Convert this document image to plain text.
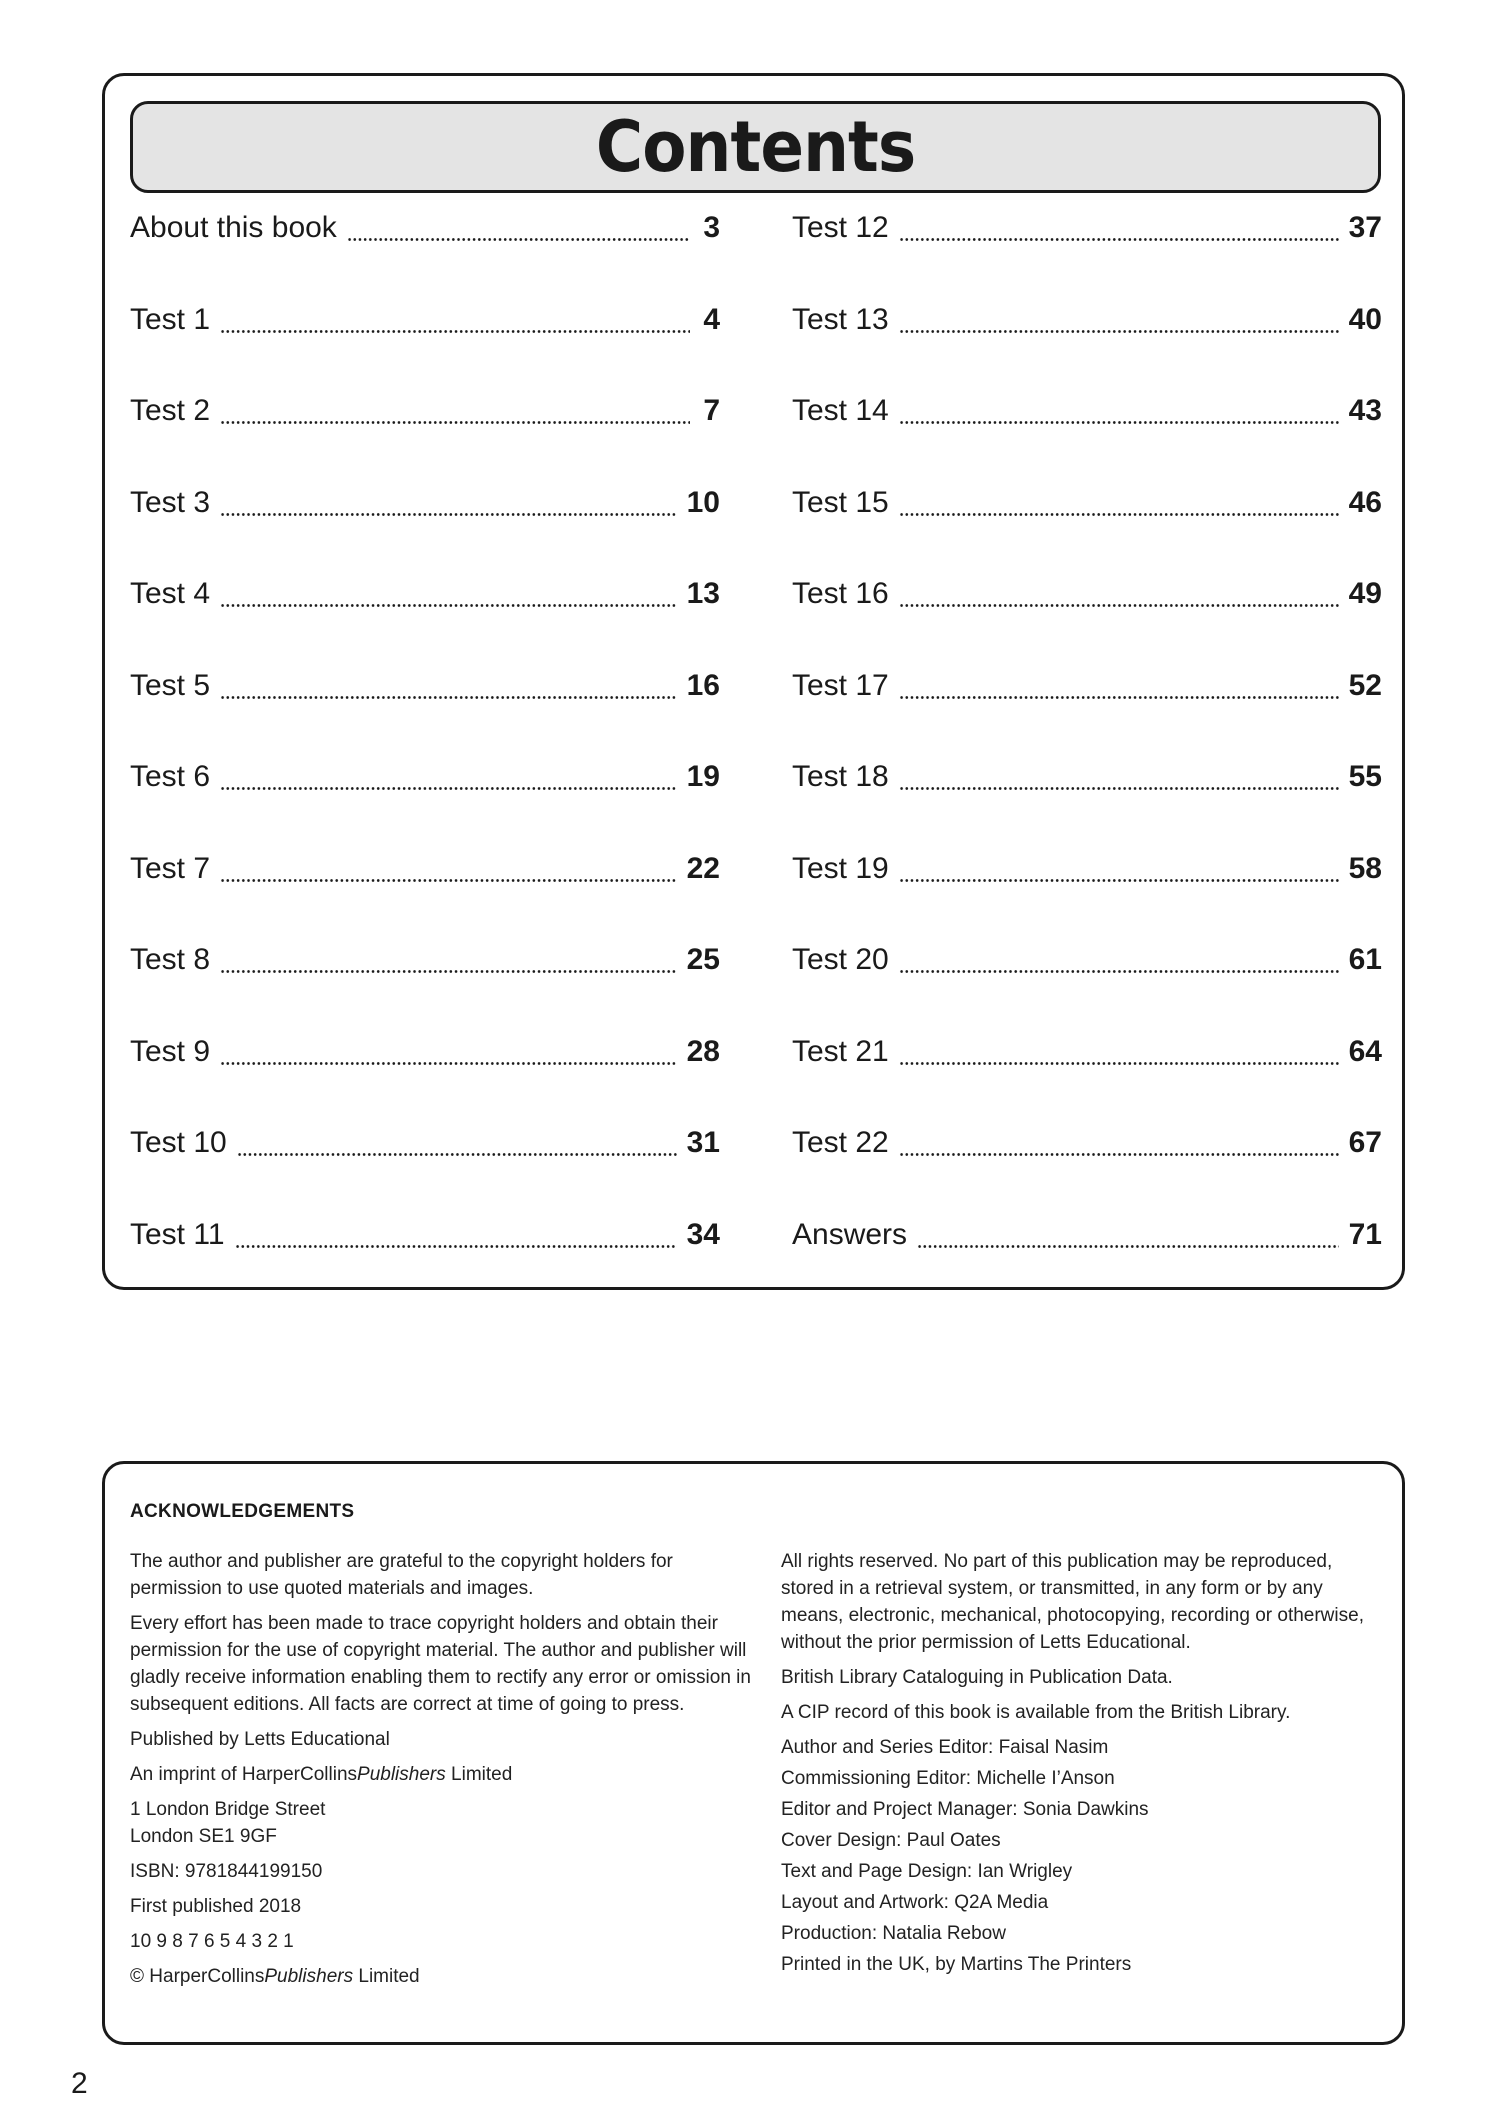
Contents
About this book	3
Test 1	4
Test 2	7
Test 3	10
Test 4	13
Test 5	16
Test 6	19
Test 7	22
Test 8	25
Test 9	28
Test 10	31
Test 11	34
Test 12	37
Test 13	40
Test 14	43
Test 15	46
Test 16	49
Test 17	52
Test 18	55
Test 19	58
Test 20	61
Test 21	64
Test 22	67
Answers	71
ACKNOWLEDGEMENTS

The author and publisher are grateful to the copyright holders for permission to use quoted materials and images.

Every effort has been made to trace copyright holders and obtain their permission for the use of copyright material. The author and publisher will gladly receive information enabling them to rectify any error or omission in subsequent editions. All facts are correct at time of going to press.

Published by Letts Educational

An imprint of HarperCollinsPublishers Limited

1 London Bridge Street

London SE1 9GF

ISBN: 9781844199150

First published 2018

10 9 8 7 6 5 4 3 2 1

© HarperCollinsPublishers Limited

All rights reserved. No part of this publication may be reproduced, stored in a retrieval system, or transmitted, in any form or by any means, electronic, mechanical, photocopying, recording or otherwise, without the prior permission of Letts Educational.

British Library Cataloguing in Publication Data.

A CIP record of this book is available from the British Library.

Author and Series Editor: Faisal Nasim

Commissioning Editor: Michelle I’Anson

Editor and Project Manager: Sonia Dawkins

Cover Design: Paul Oates

Text and Page Design: Ian Wrigley

Layout and Artwork: Q2A Media

Production: Natalia Rebow

Printed in the UK, by Martins The Printers

2
